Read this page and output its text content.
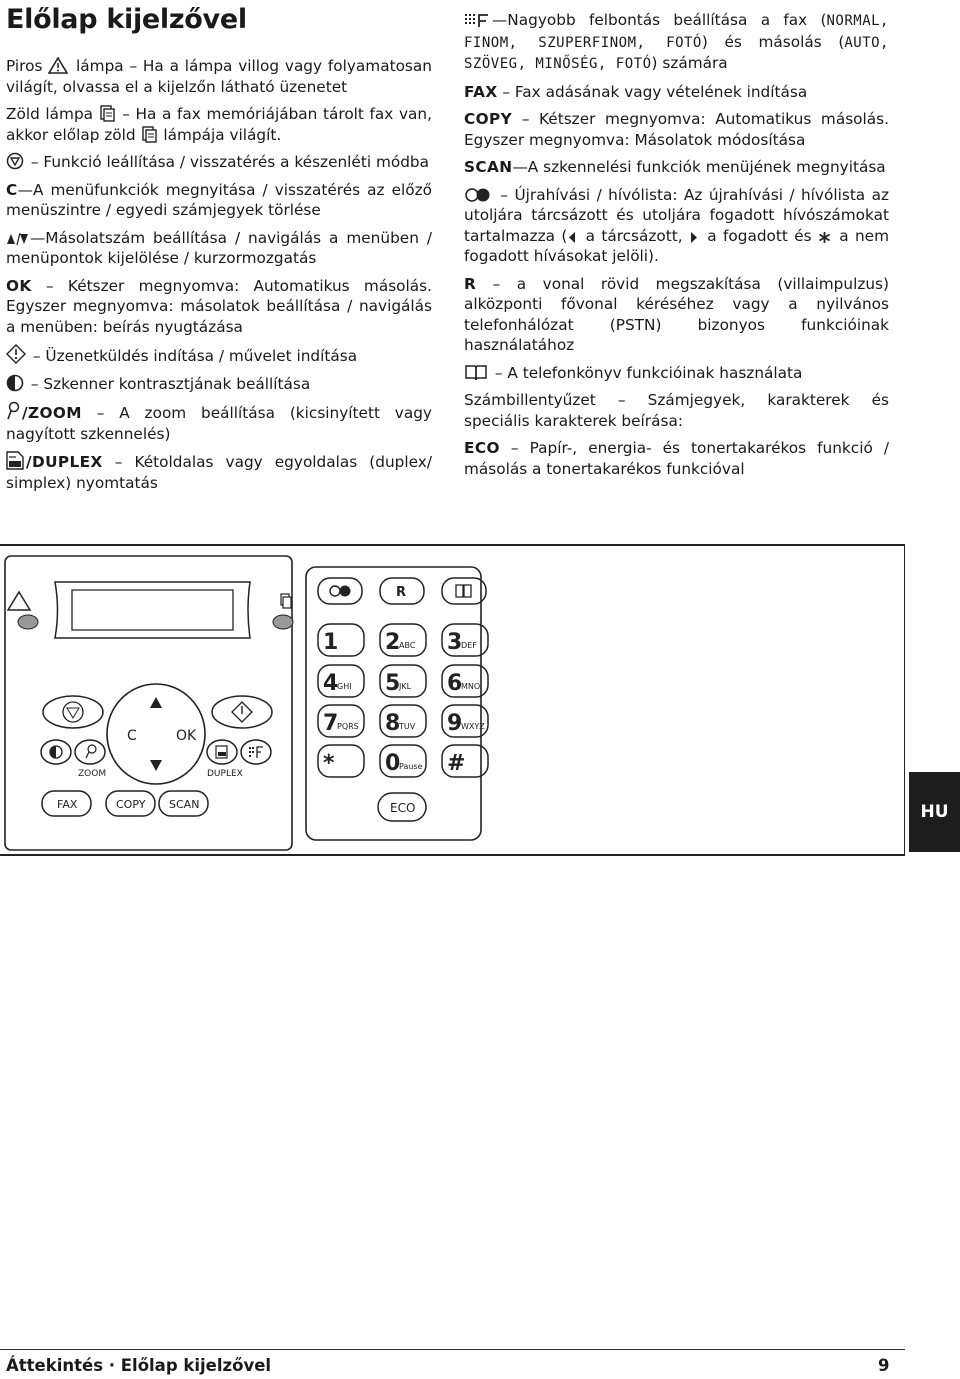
Előlap kijelzővel

Piros lámpa – Ha a lámpa villog vagy folyamatosan világít, olvassa el a kijelzőn látható üzenetet

Zöld lámpa – Ha a fax memóriájában tárolt fax van, akkor előlap zöld lámpája világít.

– Funkció leállítása / visszatérés a készenléti módba

C—A menüfunkciók megnyitása / visszatérés az előző menüszintre / egyedi számjegyek törlése

—Másolatszám beállítása / navigálás a menüben / menüpontok kijelölése / kurzormozgatás

OK – Kétszer megnyomva: Automatikus másolás. Egyszer megnyomva: másolatok beállítása / navigálás a menüben: beírás nyugtázása

– Üzenetküldés indítása / művelet indítása

– Szkenner kontrasztjának beállítása

/ZOOM – A zoom beállítása (kicsinyített vagy nagyított szkennelés)

/DUPLEX – Kétoldalas vagy egyoldalas (duplex/ simplex) nyomtatás

—Nagyobb felbontás beállítása a fax (NORMAL, FINOM, SZUPERFINOM, FOTÓ) és másolás (AUTO, SZÖVEG, MINŐSÉG, FOTÓ) számára

FAX – Fax adásának vagy vételének indítása

COPY – Kétszer megnyomva: Automatikus másolás. Egyszer megnyomva: Másolatok módosítása

SCAN—A szkennelési funkciók menüjének megnyitása

– Újrahívási / hívólista: Az újrahívási / hívólista az utoljára tárcsázott és utoljára fogadott hívószámokat tartalmazza ( a tárcsázott,  a fogadott és  a nem fogadott hívásokat jelöli).

R – a vonal rövid megszakítása (villaimpulzus) alközponti fővonal kéréséhez vagy a nyilvános telefonhálózat (PSTN) bizonyos funkcióinak használatához

– A telefonkönyv funkcióinak használata

Számbillentyűzet – Számjegyek, karakterek és speciális karakterek beírása:

ECO – Papír-, energia- és tonertakarékos funkció / másolás a tonertakarékos funkcióval

C	OK
ZOOM	DUPLEX
FAX	COPY SCAN
R
1 2
ABC 3
DEF
4
GHI 5
JKL 6
MNO
7
PQRS 8
TUV 9
WXYZ
* 0
Pause #
ECO	HU
Áttekintés · Előlap kijelzővel	9
